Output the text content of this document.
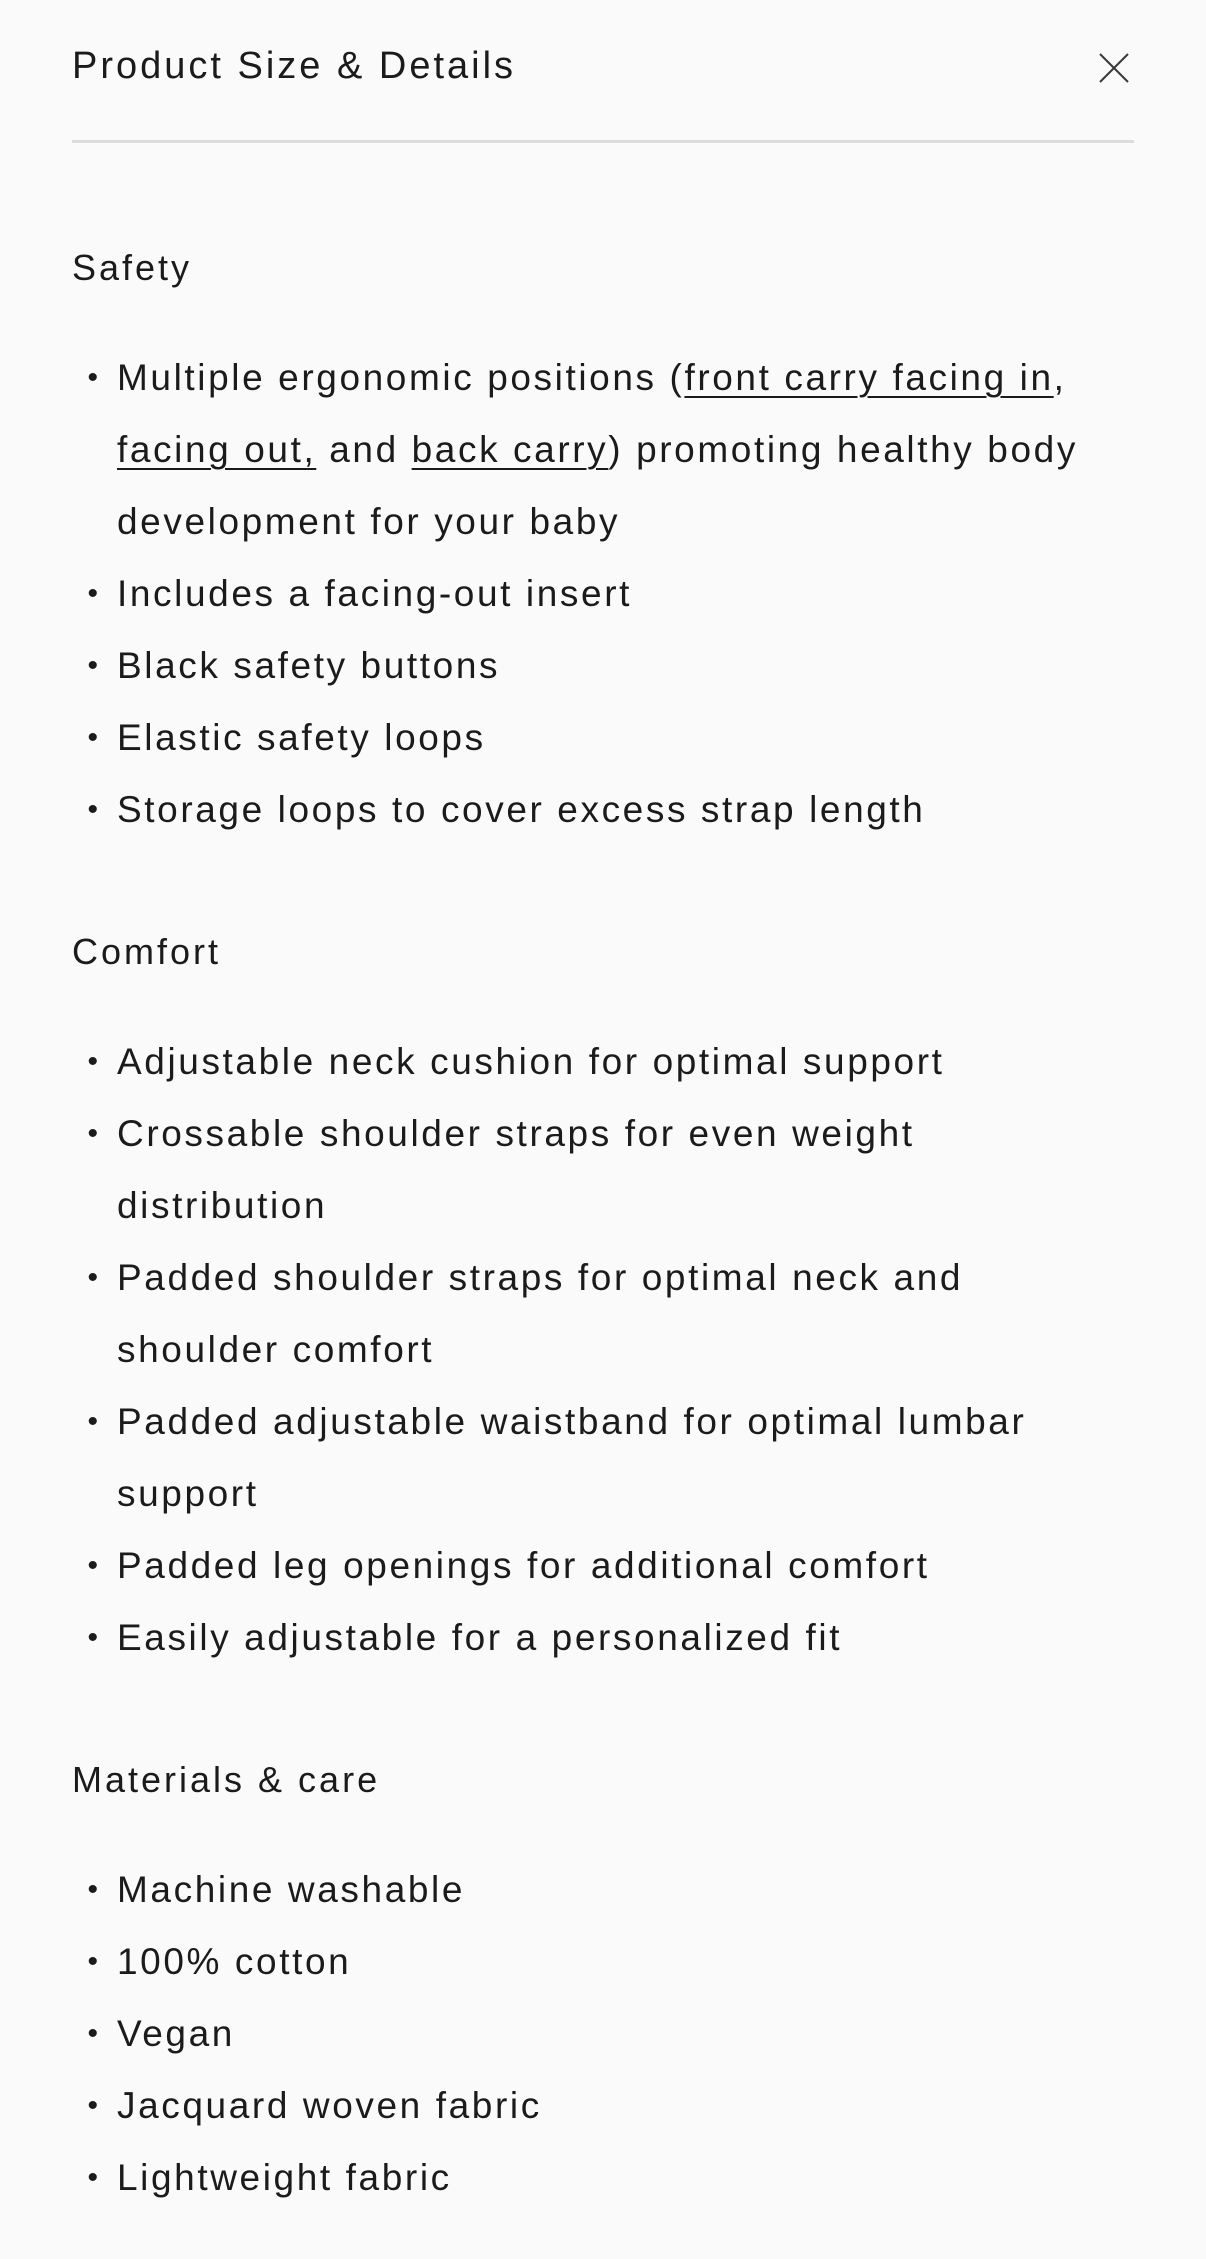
Product Size & Details
Safety
• Multiple ergonomic positions (front carry facing in, facing out, and back carry) promoting healthy body development for your baby
• Includes a facing-out insert
• Black safety buttons
• Elastic safety loops
• Storage loops to cover excess strap length
Comfort
• Adjustable neck cushion for optimal support
• Crossable shoulder straps for even weight distribution
• Padded shoulder straps for optimal neck and shoulder comfort
• Padded adjustable waistband for optimal lumbar support
• Padded leg openings for additional comfort
• Easily adjustable for a personalized fit
Materials & care
• Machine washable
• 100% cotton
• Vegan
• Jacquard woven fabric
• Lightweight fabric
